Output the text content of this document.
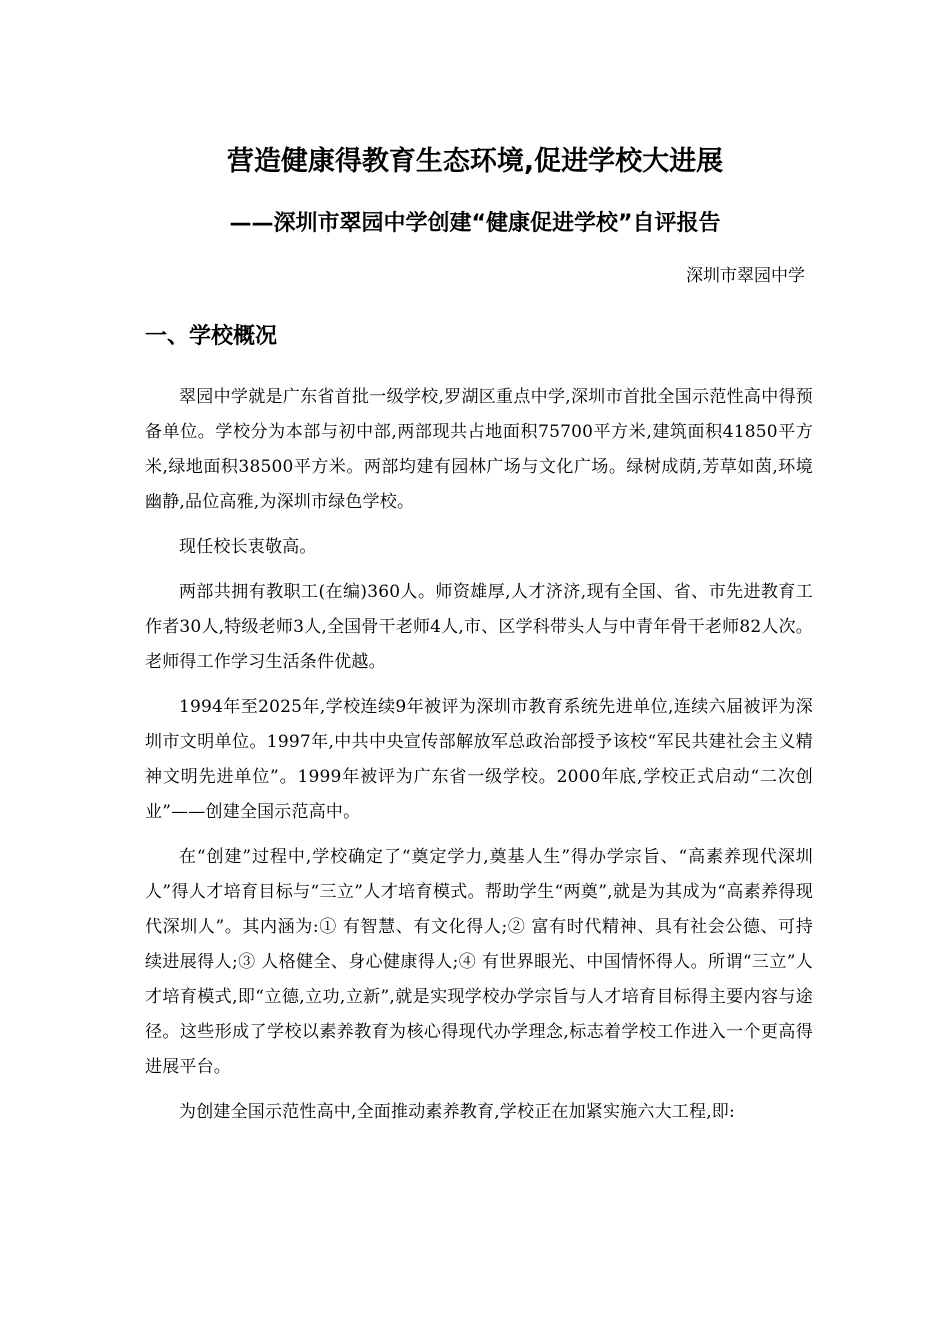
营造健康得教育生态环境,促进学校大进展
——深圳市翠园中学创建“健康促进学校”自评报告
深圳市翠园中学
一、学校概况

翠园中学就是广东省首批一级学校,罗湖区重点中学,深圳市首批全国示范性高中得预备单位。学校分为本部与初中部,两部现共占地面积75700平方米,建筑面积41850平方米,绿地面积38500平方米。两部均建有园林广场与文化广场。绿树成荫,芳草如茵,环境幽静,品位高雅,为深圳市绿色学校。

现任校长衷敬高。

两部共拥有教职工(在编)360人。师资雄厚,人才济济,现有全国、省、市先进教育工作者30人,特级老师3人,全国骨干老师4人,市、区学科带头人与中青年骨干老师82人次。老师得工作学习生活条件优越。

1994年至2025年,学校连续9年被评为深圳市教育系统先进单位,连续六届被评为深圳市文明单位。1997年,中共中央宣传部解放军总政治部授予该校“军民共建社会主义精神文明先进单位”。1999年被评为广东省一级学校。2000年底,学校正式启动“二次创业”——创建全国示范高中。

在“创建”过程中,学校确定了“奠定学力,奠基人生”得办学宗旨、“高素养现代深圳人”得人才培育目标与“三立”人才培育模式。帮助学生“两奠”,就是为其成为“高素养得现代深圳人”。其内涵为:① 有智慧、有文化得人;② 富有时代精神、具有社会公德、可持续进展得人;③ 人格健全、身心健康得人;④ 有世界眼光、中国情怀得人。所谓“三立”人才培育模式,即“立德,立功,立新”,就是实现学校办学宗旨与人才培育目标得主要内容与途径。这些形成了学校以素养教育为核心得现代办学理念,标志着学校工作进入一个更高得进展平台。

为创建全国示范性高中,全面推动素养教育,学校正在加紧实施六大工程,即:
